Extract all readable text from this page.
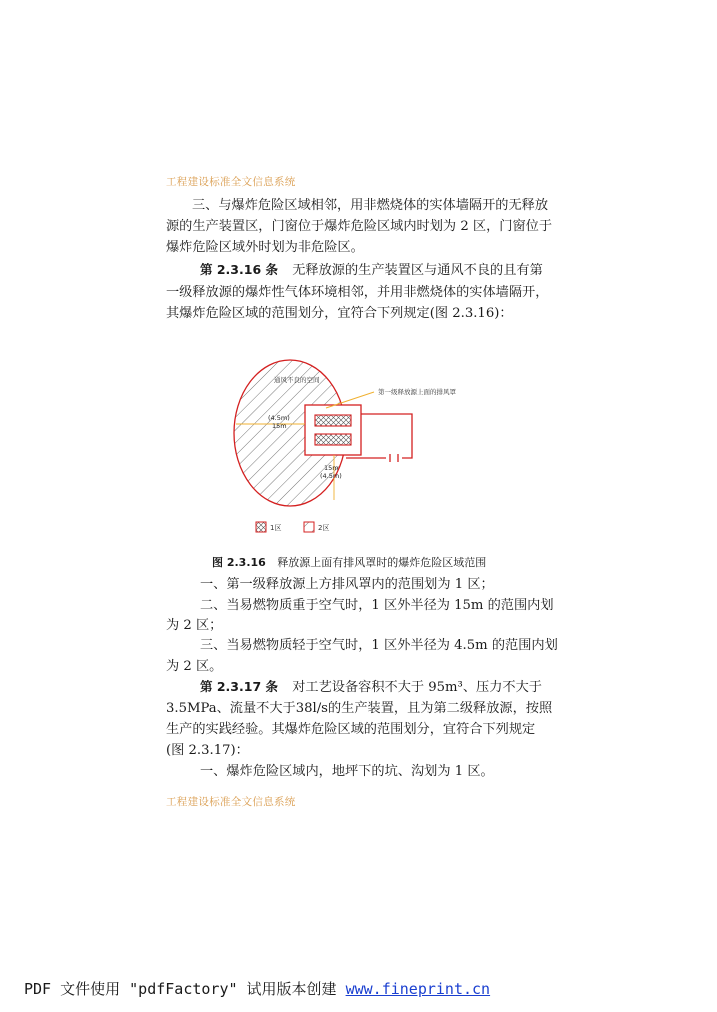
工程建设标准全文信息系统
三、与爆炸危险区域相邻，用非燃烧体的实体墙隔开的无释放
源的生产装置区，门窗位于爆炸危险区域内时划为 2 区，门窗位于
爆炸危险区域外时划为非危险区。
第 2.3.16 条 无释放源的生产装置区与通风不良的且有第
一级释放源的爆炸性气体环境相邻，并用非燃烧体的实体墙隔开，
其爆炸危险区域的范围划分，宜符合下列规定(图 2.3.16)：
通风不良的空间
第一级释放源上面的排风罩
(4.5m)
15m
15m
(4.5m)
1区	2区
图 2.3.16 释放源上面有排风罩时的爆炸危险区域范围
一、第一级释放源上方排风罩内的范围划为 1 区；
二、当易燃物质重于空气时，1 区外半径为 15m 的范围内划
为 2 区；
三、当易燃物质轻于空气时，1 区外半径为 4.5m 的范围内划
为 2 区。
第 2.3.17 条 对工艺设备容积不大于 95m³、压力不大于
3.5MPa、流量不大于38l/s的生产装置，且为第二级释放源，按照
生产的实践经验。其爆炸危险区域的范围划分，宜符合下列规定
(图 2.3.17)：
一、爆炸危险区域内，地坪下的坑、沟划为 1 区。
工程建设标准全文信息系统
PDF 文件使用 "pdfFactory" 试用版本创建 www.fineprint.cn
